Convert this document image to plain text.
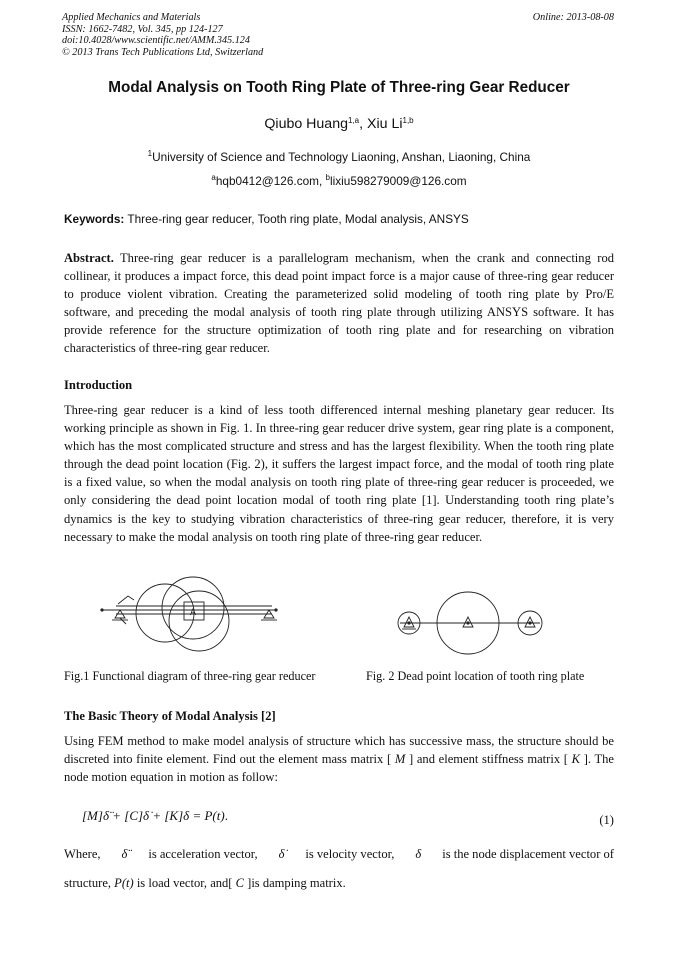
Applied Mechanics and Materials
ISSN: 1662-7482, Vol. 345, pp 124-127
doi:10.4028/www.scientific.net/AMM.345.124
© 2013 Trans Tech Publications Ltd, Switzerland
Online: 2013-08-08
Modal Analysis on Tooth Ring Plate of Three-ring Gear Reducer
Qiubo Huang$^{1,a}$, Xiu Li$^{1,b}$
$^1$University of Science and Technology Liaoning, Anshan, Liaoning, China
$^a$hqb0412@126.com, $^b$lixiu598279009@126.com
Keywords: Three-ring gear reducer, Tooth ring plate, Modal analysis, ANSYS

Abstract. Three-ring gear reducer is a parallelogram mechanism, when the crank and connecting rod collinear, it produces a impact force, this dead point impact force is a major cause of three-ring gear reducer to produce violent vibration. Creating the parameterized solid modeling of tooth ring plate by Pro/E software, and preceding the modal analysis of tooth ring plate through utilizing ANSYS software. It has provide reference for the structure optimization of tooth ring plate and for researching on vibration characteristics of three-ring gear reducer.

Introduction

Three-ring gear reducer is a kind of less tooth differenced internal meshing planetary gear reducer. Its working principle as shown in Fig. 1. In three-ring gear reducer drive system, gear ring plate is a component, which has the most complicated structure and stress and has the largest flexibility. When the tooth ring plate through the dead point location (Fig. 2), it suffers the largest impact force, and the modal of tooth ring plate is a fixed value, so when the modal analysis on tooth ring plate of three-ring gear reducer is proceeded, we only considering the dead point location modal of tooth ring plate [1]. Understanding tooth ring plate’s dynamics is the key to studying vibration characteristics of three-ring gear reducer, therefore, it is very necessary to make the modal analysis on tooth ring plate of three-ring gear reducer.

A
Fig.1 Functional diagram of three-ring gear reducer	Fig. 2 Dead point location of tooth ring plate
The Basic Theory of Modal Analysis [2]

Using FEM method to make model analysis of structure which has successive mass, the structure should be discreted into finite element. Find out the element mass matrix [ M ] and element stiffness matrix [ K ]. The node motion equation in motion as follow:

[M]δ̈ + [C]δ̇ + [K]δ = P(t).	(1)
Where, δ̈ is acceleration vector, δ̇ is velocity vector, δ is the node displacement vector of
structure, P(t) is load vector, and[ C ]is damping matrix.
